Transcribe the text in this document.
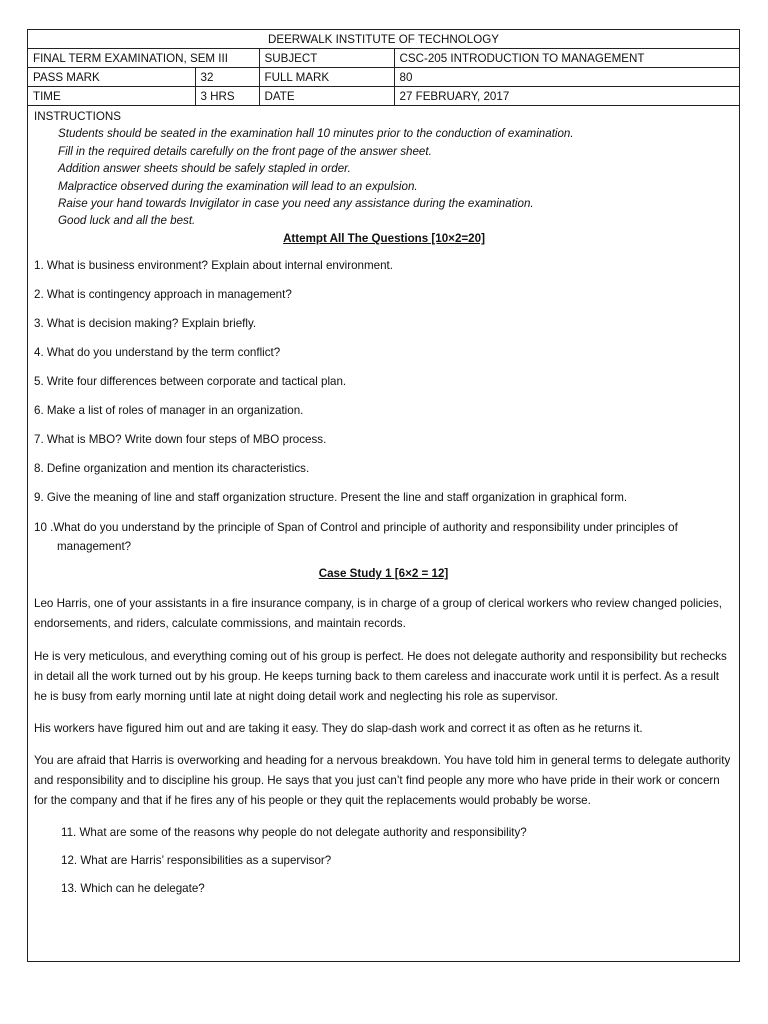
DEERWALK INSTITUTE OF TECHNOLOGY			
FINAL TERM EXAMINATION, SEM III		SUBJECT	CSC-205 INTRODUCTION TO MANAGEMENT
PASS MARK	32	FULL MARK	80
TIME	3 HRS	DATE	27 FEBRUARY, 2017
INSTRUCTIONS
Students should be seated in the examination hall 10 minutes prior to the conduction of examination.
Fill in the required details carefully on the front page of the answer sheet.
Addition answer sheets should be safely stapled in order.
Malpractice observed during the examination will lead to an expulsion.
Raise your hand towards Invigilator in case you need any assistance during the examination.
Good luck and all the best.

Attempt All The Questions [10×2=20]

1. What is business environment? Explain about internal environment.
2. What is contingency approach in management?
3. What is decision making? Explain briefly.
4. What do you understand by the term conflict?
5. Write four differences between corporate and tactical plan.
6. Make a list of roles of manager in an organization.
7. What is MBO? Write down four steps of MBO process.
8. Define organization and mention its characteristics.
9. Give the meaning of line and staff organization structure. Present the line and staff organization in graphical form.
10 .What do you understand by the principle of Span of Control and principle of authority and responsibility under principles of management?

Case Study 1 [6×2 = 12]

Leo Harris, one of your assistants in a fire insurance company, is in charge of a group of clerical workers who review changed policies, endorsements, and riders, calculate commissions, and maintain records.

He is very meticulous, and everything coming out of his group is perfect. He does not delegate authority and responsibility but rechecks in detail all the work turned out by his group. He keeps turning back to them careless and inaccurate work until it is perfect. As a result he is busy from early morning until late at night doing detail work and neglecting his role as supervisor.

His workers have figured him out and are taking it easy. They do slap-dash work and correct it as often as he returns it.

You are afraid that Harris is overworking and heading for a nervous breakdown. You have told him in general terms to delegate authority and responsibility and to discipline his group. He says that you just can’t find people any more who have pride in their work or concern for the company and that if he fires any of his people or they quit the replacements would probably be worse.

11. What are some of the reasons why people do not delegate authority and responsibility?
12. What are Harris’ responsibilities as a supervisor?
13. Which can he delegate?
